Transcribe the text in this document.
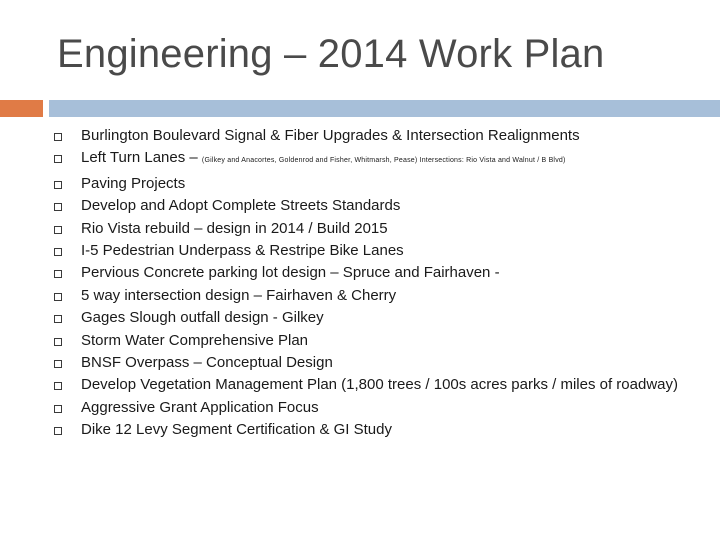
Engineering – 2014 Work Plan
Burlington Boulevard Signal & Fiber Upgrades & Intersection Realignments
Left Turn Lanes – (Gilkey and Anacortes, Goldenrod and Fisher, Whitmarsh, Pease) Intersections: Rio Vista and Walnut / B Blvd)
Paving Projects
Develop and Adopt Complete Streets Standards
Rio Vista rebuild – design in 2014 / Build 2015
I-5 Pedestrian Underpass & Restripe Bike Lanes
Pervious Concrete parking lot design – Spruce and Fairhaven -
5 way intersection design – Fairhaven & Cherry
Gages Slough outfall design - Gilkey
Storm Water Comprehensive Plan
BNSF Overpass – Conceptual Design
Develop Vegetation Management Plan (1,800 trees / 100s acres parks / miles of roadway)
Aggressive Grant Application Focus
Dike 12 Levy Segment Certification & GI Study
